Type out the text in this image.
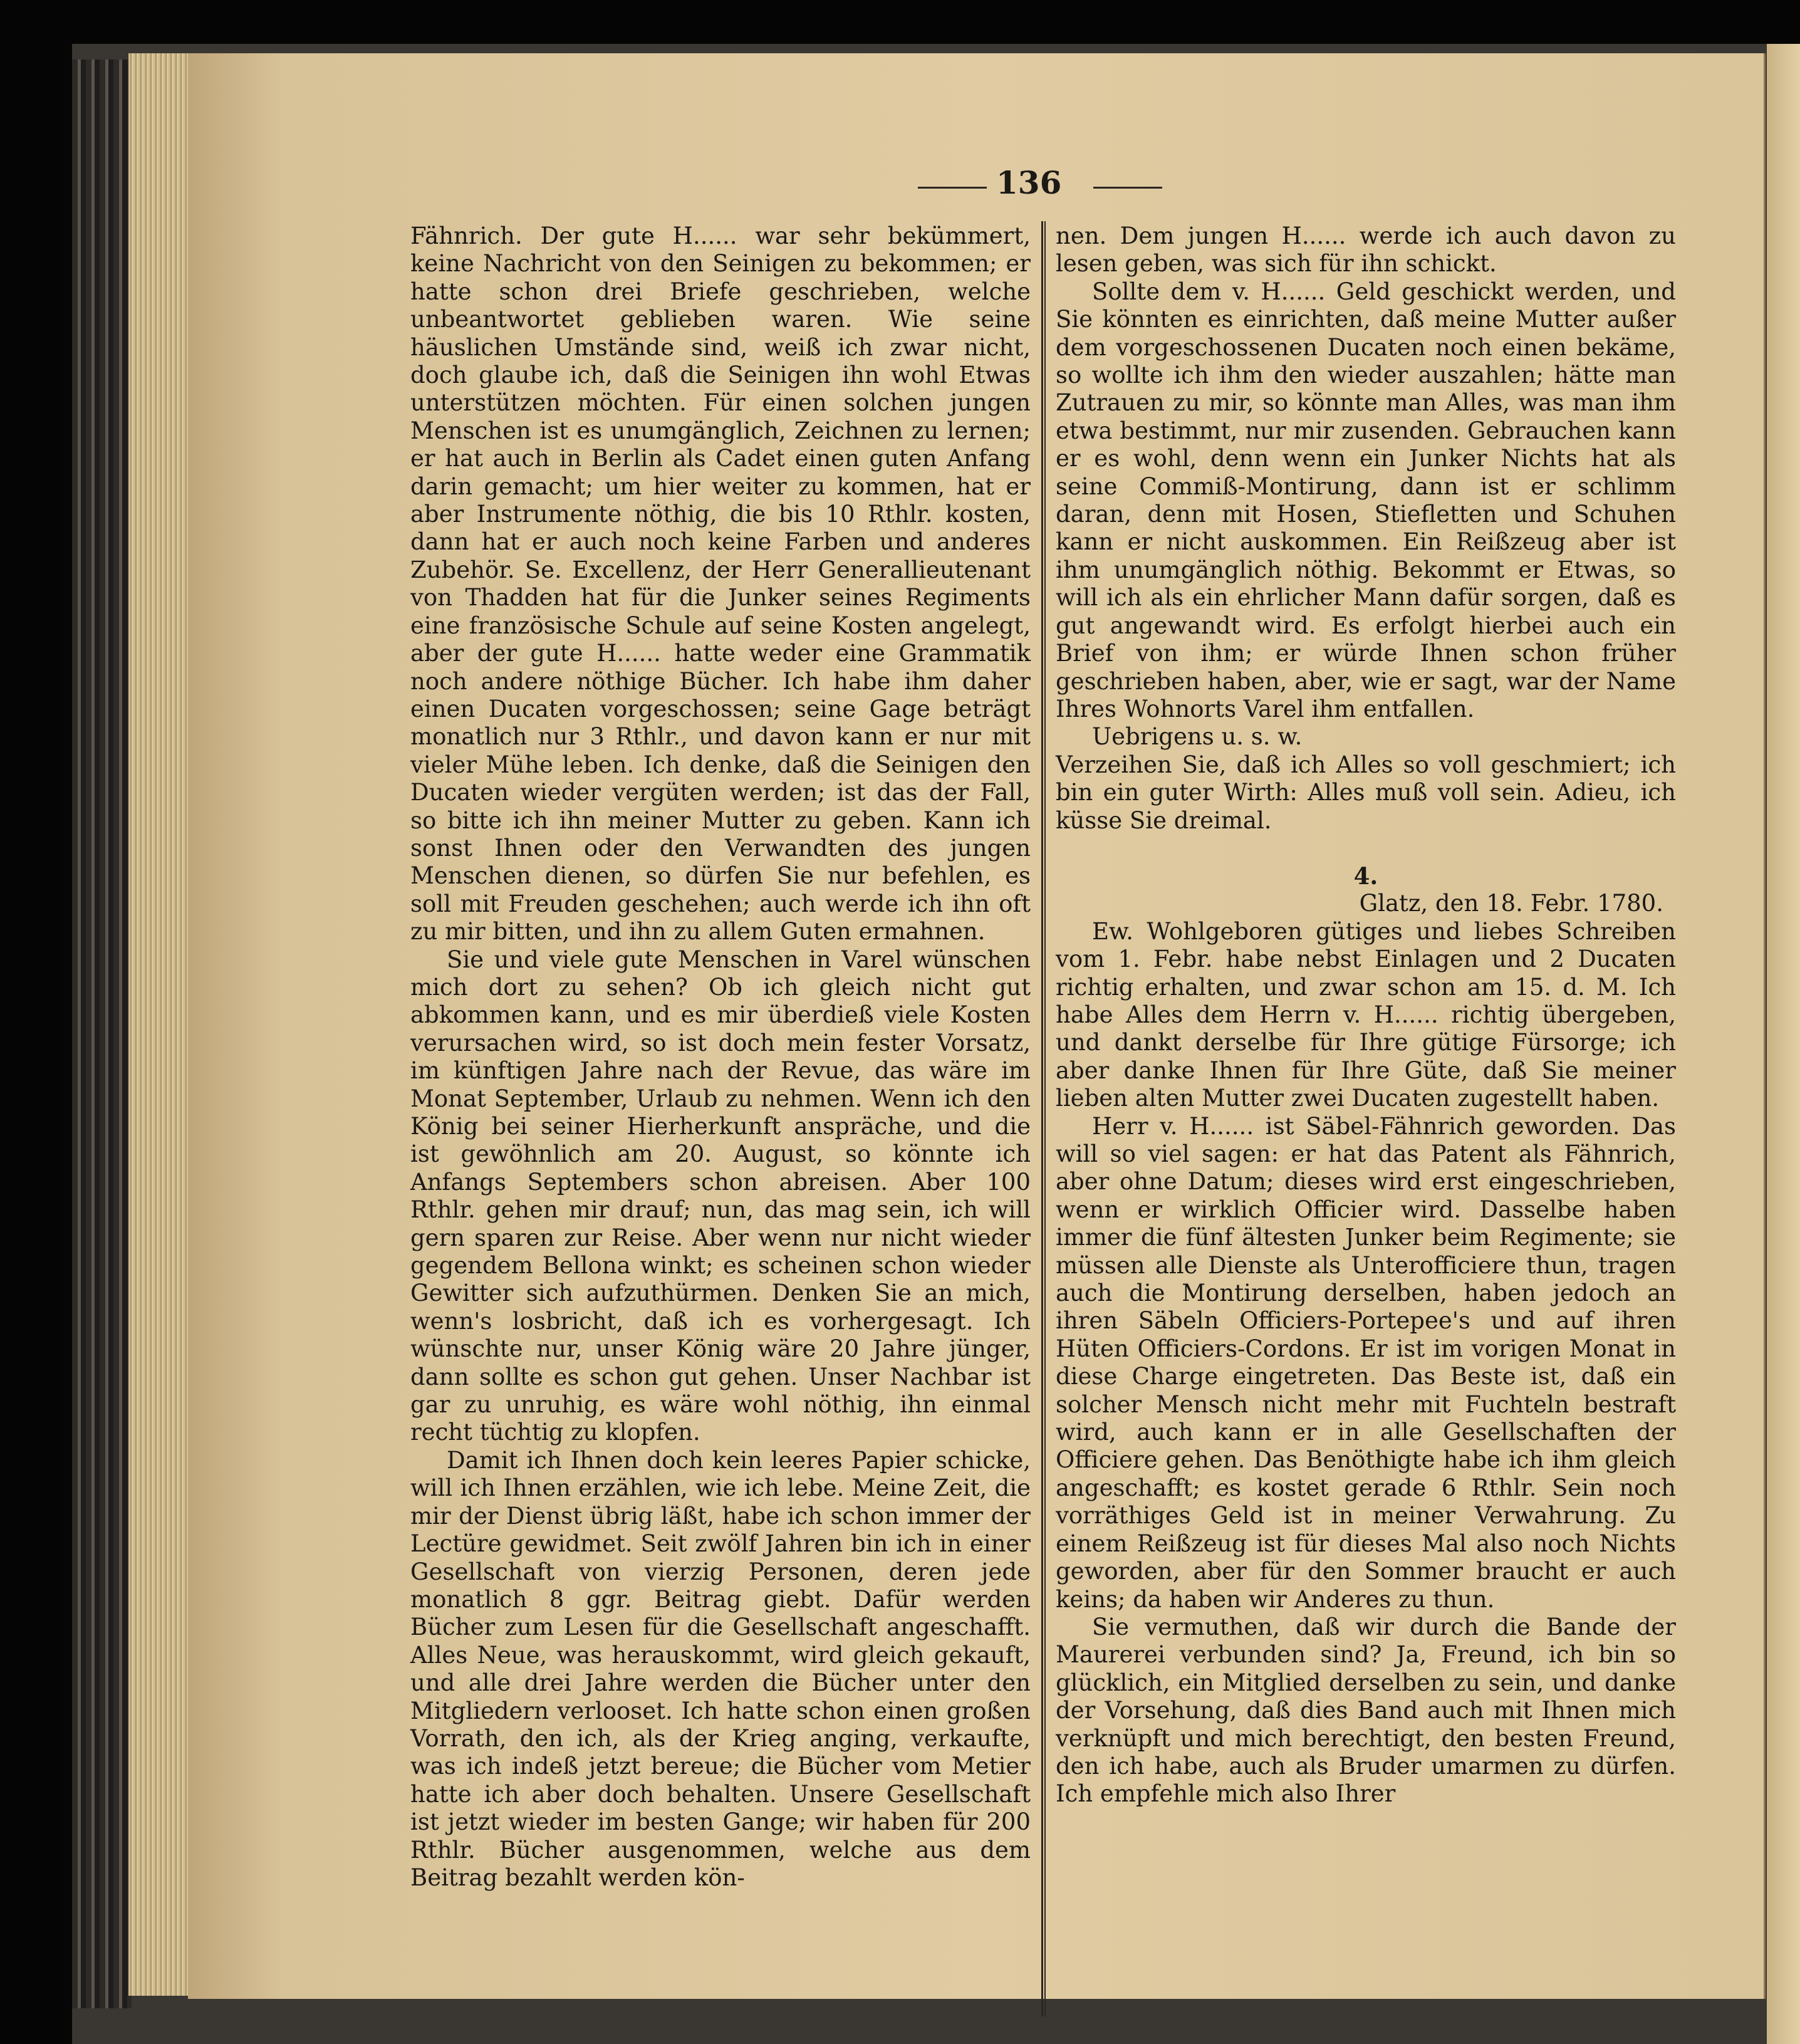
136

Fähnrich. Der gute H...... war sehr bekümmert, keine Nachricht von den Seinigen zu bekommen; er hatte schon drei Briefe geschrieben, welche unbeantwortet geblieben waren. Wie seine häuslichen Umstände sind, weiß ich zwar nicht, doch glaube ich, daß die Seinigen ihn wohl Etwas unterstützen möchten. Für einen solchen jungen Menschen ist es unumgänglich, Zeichnen zu lernen; er hat auch in Berlin als Cadet einen guten Anfang darin gemacht; um hier weiter zu kommen, hat er aber Instrumente nöthig, die bis 10 Rthlr. kosten, dann hat er auch noch keine Farben und anderes Zubehör. Se. Excellenz, der Herr Generallieutenant von Thadden hat für die Junker seines Regiments eine französische Schule auf seine Kosten angelegt, aber der gute H...... hatte weder eine Grammatik noch andere nöthige Bücher. Ich habe ihm daher einen Ducaten vorgeschossen; seine Gage beträgt monatlich nur 3 Rthlr., und davon kann er nur mit vieler Mühe leben. Ich denke, daß die Seinigen den Ducaten wieder vergüten werden; ist das der Fall, so bitte ich ihn meiner Mutter zu geben. Kann ich sonst Ihnen oder den Verwandten des jungen Menschen dienen, so dürfen Sie nur befehlen, es soll mit Freuden geschehen; auch werde ich ihn oft zu mir bitten, und ihn zu allem Guten ermahnen.

Sie und viele gute Menschen in Varel wünschen mich dort zu sehen? Ob ich gleich nicht gut abkommen kann, und es mir überdieß viele Kosten verursachen wird, so ist doch mein fester Vorsatz, im künftigen Jahre nach der Revue, das wäre im Monat September, Urlaub zu nehmen. Wenn ich den König bei seiner Hierherkunft anspräche, und die ist gewöhnlich am 20. August, so könnte ich Anfangs Septembers schon abreisen. Aber 100 Rthlr. gehen mir drauf; nun, das mag sein, ich will gern sparen zur Reise. Aber wenn nur nicht wieder gegendem Bellona winkt; es scheinen schon wieder Gewitter sich aufzuthürmen. Denken Sie an mich, wenn's losbricht, daß ich es vorhergesagt. Ich wünschte nur, unser König wäre 20 Jahre jünger, dann sollte es schon gut gehen. Unser Nachbar ist gar zu unruhig, es wäre wohl nöthig, ihn einmal recht tüchtig zu klopfen.

Damit ich Ihnen doch kein leeres Papier schicke, will ich Ihnen erzählen, wie ich lebe. Meine Zeit, die mir der Dienst übrig läßt, habe ich schon immer der Lectüre gewidmet. Seit zwölf Jahren bin ich in einer Gesellschaft von vierzig Personen, deren jede monatlich 8 ggr. Beitrag giebt. Dafür werden Bücher zum Lesen für die Gesellschaft angeschafft. Alles Neue, was herauskommt, wird gleich gekauft, und alle drei Jahre werden die Bücher unter den Mitgliedern verlooset. Ich hatte schon einen großen Vorrath, den ich, als der Krieg anging, verkaufte, was ich indeß jetzt bereue; die Bücher vom Metier hatte ich aber doch behalten. Unsere Gesellschaft ist jetzt wieder im besten Gange; wir haben für 200 Rthlr. Bücher ausgenommen, welche aus dem Beitrag bezahlt werden kön-

nen. Dem jungen H...... werde ich auch davon zu lesen geben, was sich für ihn schickt.

Sollte dem v. H...... Geld geschickt werden, und Sie könnten es einrichten, daß meine Mutter außer dem vorgeschossenen Ducaten noch einen bekäme, so wollte ich ihm den wieder auszahlen; hätte man Zutrauen zu mir, so könnte man Alles, was man ihm etwa bestimmt, nur mir zusenden. Gebrauchen kann er es wohl, denn wenn ein Junker Nichts hat als seine Commiß-Montirung, dann ist er schlimm daran, denn mit Hosen, Stiefletten und Schuhen kann er nicht auskommen. Ein Reißzeug aber ist ihm unumgänglich nöthig. Bekommt er Etwas, so will ich als ein ehrlicher Mann dafür sorgen, daß es gut angewandt wird. Es erfolgt hierbei auch ein Brief von ihm; er würde Ihnen schon früher geschrieben haben, aber, wie er sagt, war der Name Ihres Wohnorts Varel ihm entfallen.

Uebrigens u. s. w.

Verzeihen Sie, daß ich Alles so voll geschmiert; ich bin ein guter Wirth: Alles muß voll sein. Adieu, ich küsse Sie dreimal.

4.

Glatz, den 18. Febr. 1780.

Ew. Wohlgeboren gütiges und liebes Schreiben vom 1. Febr. habe nebst Einlagen und 2 Ducaten richtig erhalten, und zwar schon am 15. d. M. Ich habe Alles dem Herrn v. H...... richtig übergeben, und dankt derselbe für Ihre gütige Fürsorge; ich aber danke Ihnen für Ihre Güte, daß Sie meiner lieben alten Mutter zwei Ducaten zugestellt haben.

Herr v. H...... ist Säbel-Fähnrich geworden. Das will so viel sagen: er hat das Patent als Fähnrich, aber ohne Datum; dieses wird erst eingeschrieben, wenn er wirklich Officier wird. Dasselbe haben immer die fünf ältesten Junker beim Regimente; sie müssen alle Dienste als Unterofficiere thun, tragen auch die Montirung derselben, haben jedoch an ihren Säbeln Officiers-Portepee's und auf ihren Hüten Officiers-Cordons. Er ist im vorigen Monat in diese Charge eingetreten. Das Beste ist, daß ein solcher Mensch nicht mehr mit Fuchteln bestraft wird, auch kann er in alle Gesellschaften der Officiere gehen. Das Benöthigte habe ich ihm gleich angeschafft; es kostet gerade 6 Rthlr. Sein noch vorräthiges Geld ist in meiner Verwahrung. Zu einem Reißzeug ist für dieses Mal also noch Nichts geworden, aber für den Sommer braucht er auch keins; da haben wir Anderes zu thun.

Sie vermuthen, daß wir durch die Bande der Maurerei verbunden sind? Ja, Freund, ich bin so glücklich, ein Mitglied derselben zu sein, und danke der Vorsehung, daß dies Band auch mit Ihnen mich verknüpft und mich berechtigt, den besten Freund, den ich habe, auch als Bruder umarmen zu dürfen. Ich empfehle mich also Ihrer
